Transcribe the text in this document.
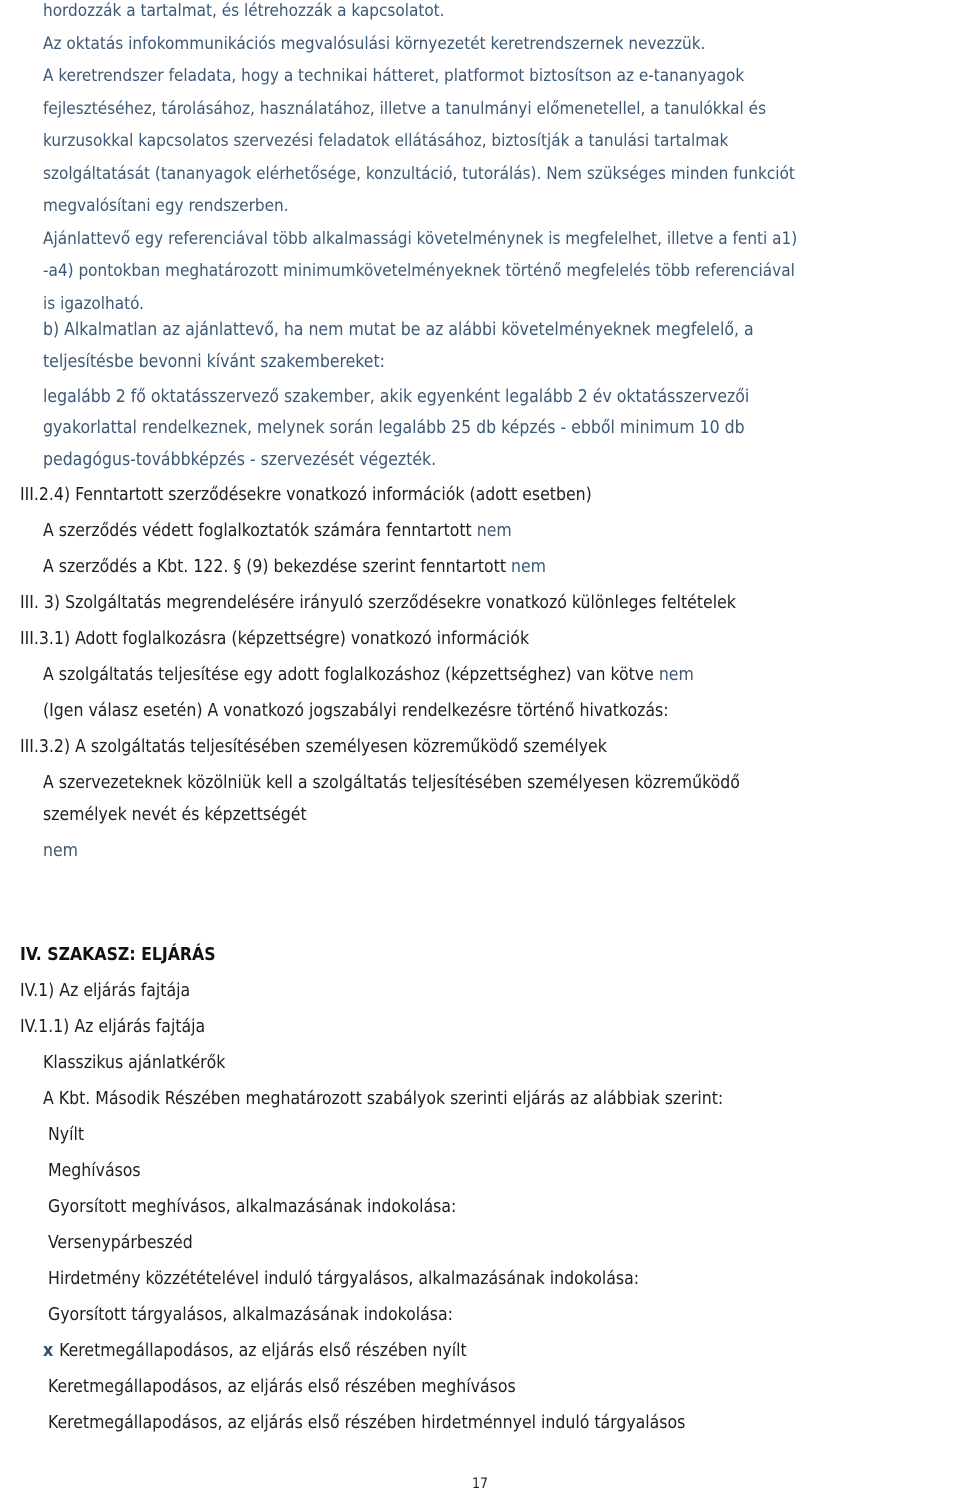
hordozzák a tartalmat, és létrehozzák a kapcsolatot.

Az oktatás infokommunikációs megvalósulási környezetét keretrendszernek nevezzük.

A keretrendszer feladata, hogy a technikai hátteret, platformot biztosítson az e-tananyagok

fejlesztéséhez, tárolásához, használatához, illetve a tanulmányi előmenetellel, a tanulókkal és

kurzusokkal kapcsolatos szervezési feladatok ellátásához, biztosítják a tanulási tartalmak

szolgáltatását (tananyagok elérhetősége, konzultáció, tutorálás). Nem szükséges minden funkciót

megvalósítani egy rendszerben.

Ajánlattevő egy referenciával több alkalmassági követelménynek is megfelelhet, illetve a fenti a1)

-a4) pontokban meghatározott minimumkövetelményeknek történő megfelelés több referenciával

is igazolható.

b) Alkalmatlan az ajánlattevő, ha nem mutat be az alábbi követelményeknek megfelelő, a
teljesítésbe bevonni kívánt szakembereket:
legalább 2 fő oktatásszervező szakember, akik egyenként legalább 2 év oktatásszervezői
gyakorlattal rendelkeznek, melynek során legalább 25 db képzés - ebből minimum 10 db
pedagógus-továbbképzés - szervezését végezték.
III.2.4) Fenntartott szerződésekre vonatkozó információk (adott esetben)
A szerződés védett foglalkoztatók számára fenntartott nem
A szerződés a Kbt. 122. § (9) bekezdése szerint fenntartott nem
III. 3) Szolgáltatás megrendelésére irányuló szerződésekre vonatkozó különleges feltételek
III.3.1) Adott foglalkozásra (képzettségre) vonatkozó információk
A szolgáltatás teljesítése egy adott foglalkozáshoz (képzettséghez) van kötve nem
(Igen válasz esetén) A vonatkozó jogszabályi rendelkezésre történő hivatkozás:
III.3.2) A szolgáltatás teljesítésében személyesen közreműködő személyek
A szervezeteknek közölniük kell a szolgáltatás teljesítésében személyesen közreműködő
személyek nevét és képzettségét
nem
IV. SZAKASZ: ELJÁRÁS
IV.1) Az eljárás fajtája
IV.1.1) Az eljárás fajtája
Klasszikus ajánlatkérők
A Kbt. Második Részében meghatározott szabályok szerinti eljárás az alábbiak szerint:
Nyílt
Meghívásos
Gyorsított meghívásos, alkalmazásának indokolása:
Versenypárbeszéd
Hirdetmény közzétételével induló tárgyalásos, alkalmazásának indokolása:
Gyorsított tárgyalásos, alkalmazásának indokolása:
x Keretmegállapodásos, az eljárás első részében nyílt
Keretmegállapodásos, az eljárás első részében meghívásos
Keretmegállapodásos, az eljárás első részében hirdetménnyel induló tárgyalásos
17
